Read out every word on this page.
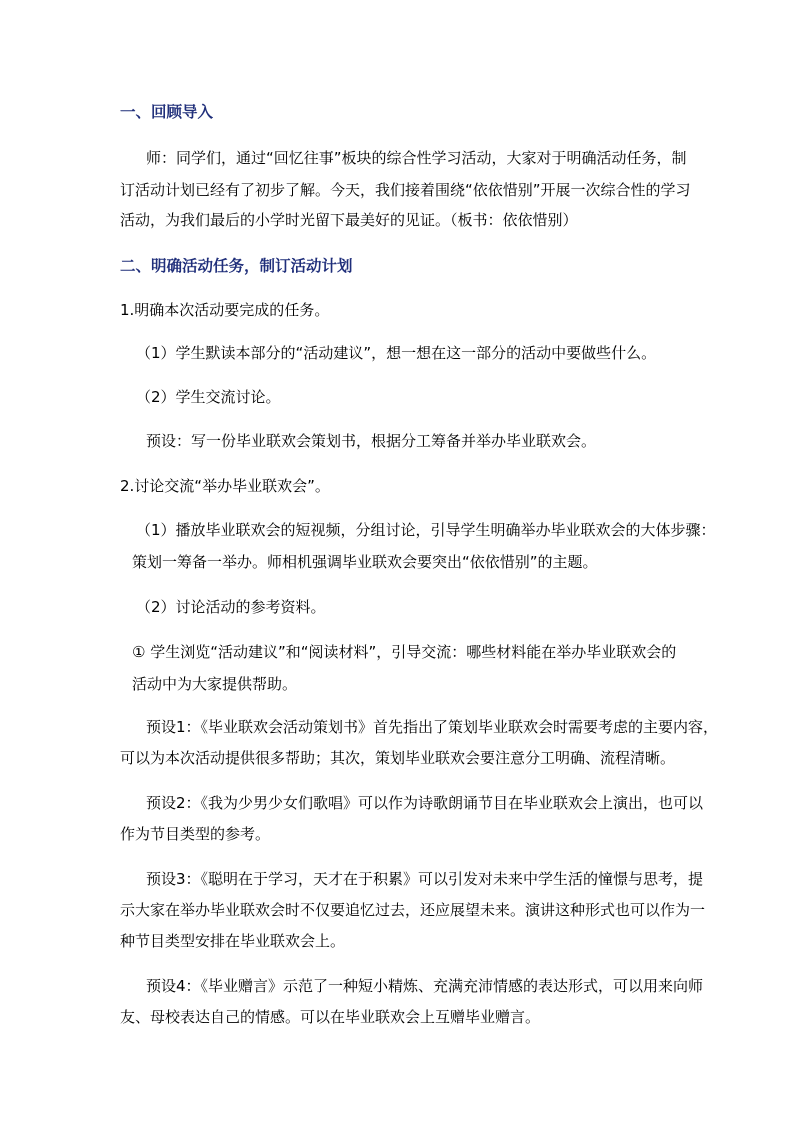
一、回顾导入
师：同学们，通过“回忆往事”板块的综合性学习活动，大家对于明确活动任务，制
订活动计划已经有了初步了解。今天，我们接着围绕“依依惜别”开展一次综合性的学习
活动，为我们最后的小学时光留下最美好的见证。（板书：依依惜别）
二、明确活动任务，制订活动计划
1.明确本次活动要完成的任务。
（1）学生默读本部分的“活动建议”，想一想在这一部分的活动中要做些什么。
（2）学生交流讨论。
预设：写一份毕业联欢会策划书，根据分工筹备并举办毕业联欢会。
2.讨论交流“举办毕业联欢会”。
（1）播放毕业联欢会的短视频，分组讨论，引导学生明确举办毕业联欢会的大体步骤：
策划一筹备一举办。师相机强调毕业联欢会要突出“依依惜别”的主题。
（2）讨论活动的参考资料。
① 学生浏览“活动建议”和“阅读材料”，引导交流：哪些材料能在举办毕业联欢会的
活动中为大家提供帮助。
预设1：《毕业联欢会活动策划书》首先指出了策划毕业联欢会时需要考虑的主要内容，
可以为本次活动提供很多帮助；其次，策划毕业联欢会要注意分工明确、流程清晰。
预设2：《我为少男少女们歌唱》可以作为诗歌朗诵节目在毕业联欢会上演出，也可以
作为节目类型的参考。
预设3：《聪明在于学习，天才在于积累》可以引发对未来中学生活的憧憬与思考，提
示大家在举办毕业联欢会时不仅要追忆过去，还应展望未来。演讲这种形式也可以作为一
种节目类型安排在毕业联欢会上。
预设4：《毕业赠言》示范了一种短小精炼、充满充沛情感的表达形式，可以用来向师
友、母校表达自己的情感。可以在毕业联欢会上互赠毕业赠言。
